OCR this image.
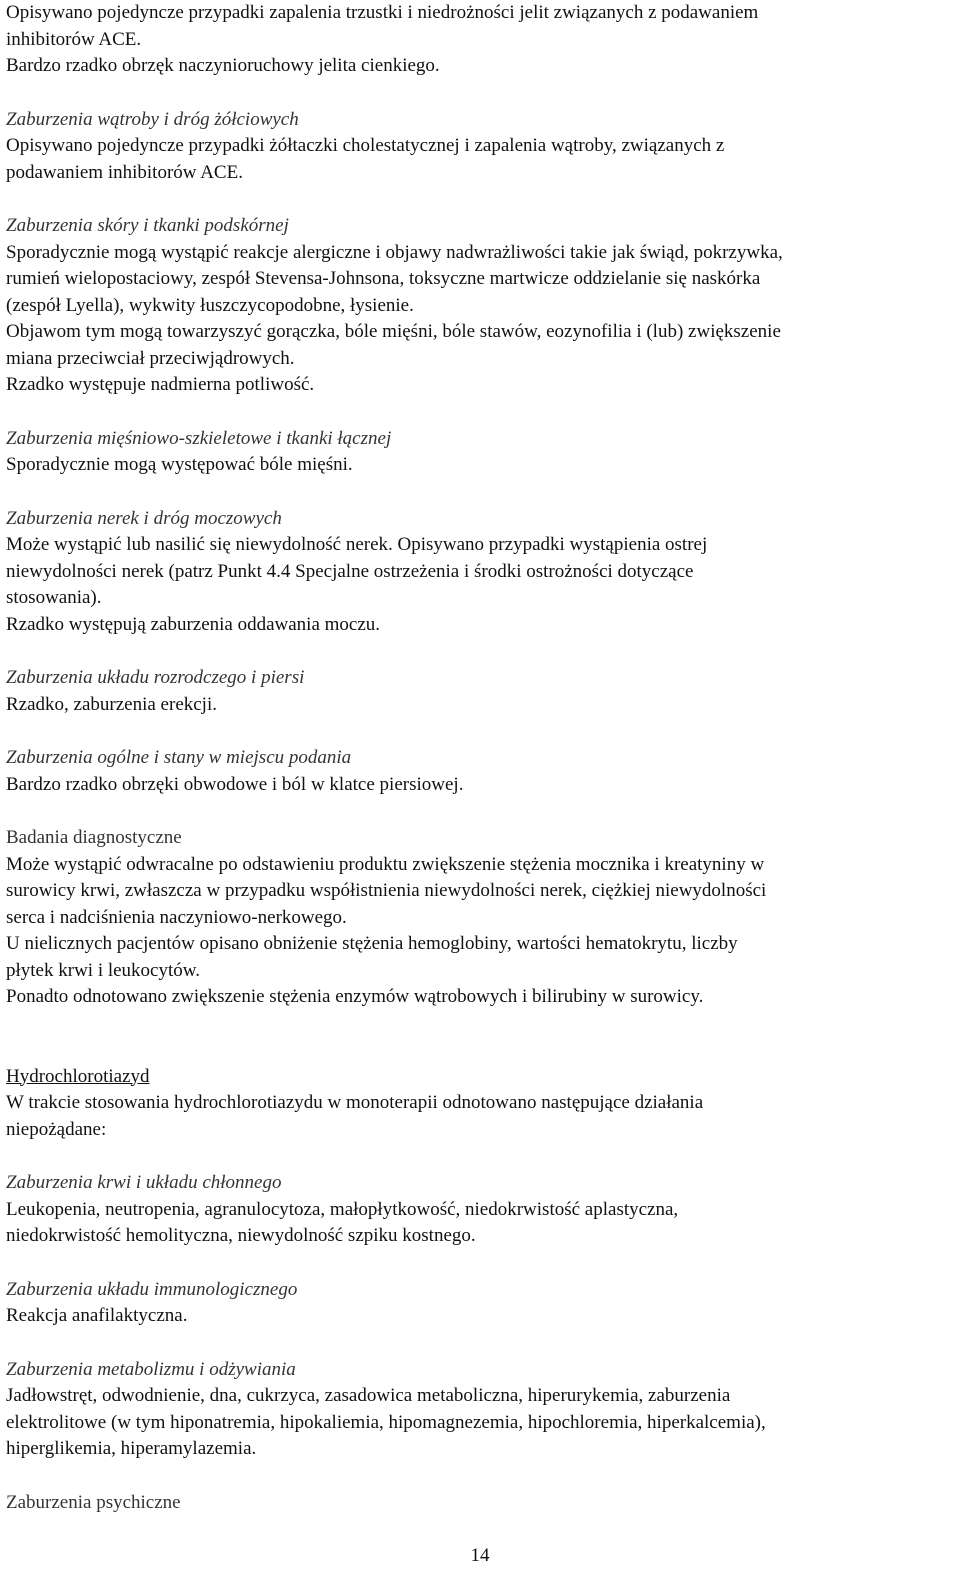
Opisywano pojedyncze przypadki zapalenia trzustki i niedrożności jelit związanych z podawaniem
inhibitorów ACE.
Bardzo rzadko obrzęk naczynioruchowy jelita cienkiego.
Zaburzenia wątroby i dróg żółciowych
Opisywano pojedyncze przypadki żółtaczki cholestatycznej i zapalenia wątroby, związanych z
podawaniem inhibitorów ACE.
Zaburzenia skóry i tkanki podskórnej
Sporadycznie mogą wystąpić reakcje alergiczne i objawy nadwrażliwości takie jak świąd, pokrzywka,
rumień wielopostaciowy, zespół Stevensa-Johnsona, toksyczne martwicze oddzielanie się naskórka
(zespół Lyella), wykwity łuszczycopodobne, łysienie.
Objawom tym mogą towarzyszyć gorączka, bóle mięśni, bóle stawów, eozynofilia i (lub) zwiększenie
miana przeciwciał przeciwjądrowych.
Rzadko występuje nadmierna potliwość.
Zaburzenia mięśniowo-szkieletowe i tkanki łącznej
Sporadycznie mogą występować bóle mięśni.
Zaburzenia nerek i dróg moczowych
Może wystąpić lub nasilić się niewydolność nerek. Opisywano przypadki wystąpienia ostrej
niewydolności nerek (patrz Punkt 4.4 Specjalne ostrzeżenia i środki ostrożności dotyczące
stosowania).
Rzadko występują zaburzenia oddawania moczu.
Zaburzenia układu rozrodczego i piersi
Rzadko, zaburzenia erekcji.
Zaburzenia ogólne i stany w miejscu podania
Bardzo rzadko obrzęki obwodowe i ból w klatce piersiowej.
Badania diagnostyczne
Może wystąpić odwracalne po odstawieniu produktu zwiększenie stężenia mocznika i kreatyniny w
surowicy krwi, zwłaszcza w przypadku współistnienia niewydolności nerek, ciężkiej niewydolności
serca i nadciśnienia naczyniowo-nerkowego.
U nielicznych pacjentów opisano obniżenie stężenia hemoglobiny, wartości hematokrytu, liczby
płytek krwi i leukocytów.
Ponadto odnotowano zwiększenie stężenia enzymów wątrobowych i bilirubiny w surowicy.
Hydrochlorotiazyd
W trakcie stosowania hydrochlorotiazydu w monoterapii odnotowano następujące działania
niepożądane:
Zaburzenia krwi i układu chłonnego
Leukopenia, neutropenia, agranulocytoza, małopłytkowość, niedokrwistość aplastyczna,
niedokrwistość hemolityczna, niewydolność szpiku kostnego.
Zaburzenia układu immunologicznego
Reakcja anafilaktyczna.
Zaburzenia metabolizmu i odżywiania
Jadłowstręt, odwodnienie, dna, cukrzyca, zasadowica metaboliczna, hiperurykemia, zaburzenia
elektrolitowe (w tym hiponatremia, hipokaliemia, hipomagnezemia, hipochloremia, hiperkalcemia),
hiperglikemia, hiperamylazemia.
Zaburzenia psychiczne
14
